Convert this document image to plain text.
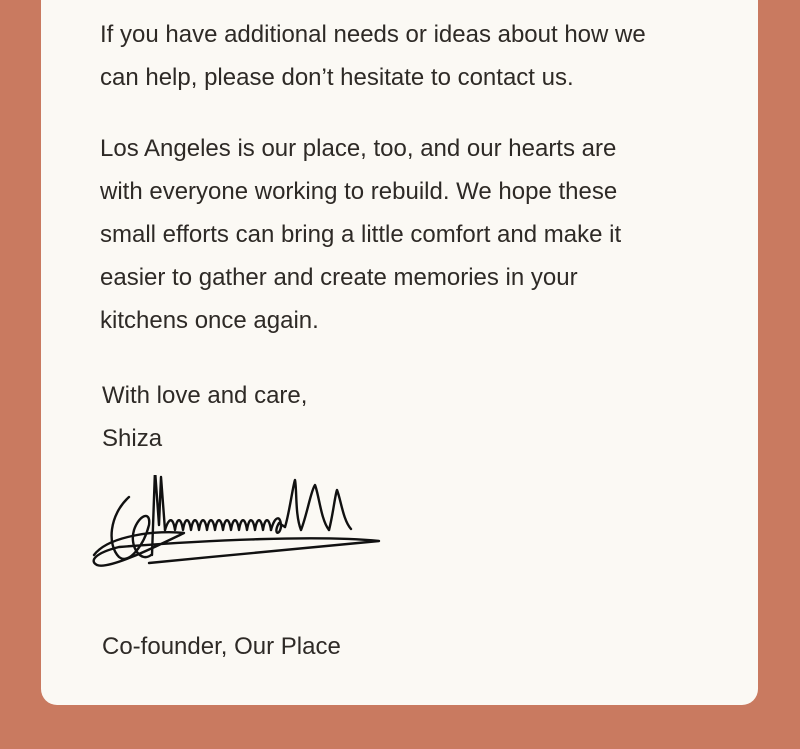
If you have additional needs or ideas about how we
can help, please don’t hesitate to contact us.

Los Angeles is our place, too, and our hearts are
with everyone working to rebuild. We hope these
small efforts can bring a little comfort and make it
easier to gather and create memories in your
kitchens once again.

With love and care,

Shiza

Co-founder, Our Place
